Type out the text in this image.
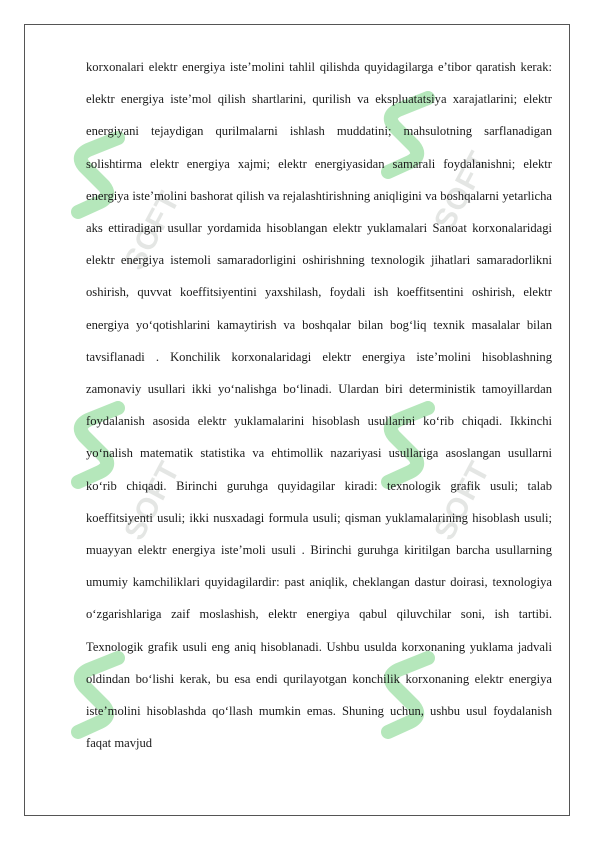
SOFT	SOFT
SOFT	SOFT

korxonalari elektr energiya iste’molini tahlil qilishda quyidagilarga e’tibor qaratish kerak: elektr energiya iste’mol qilish shartlarini, qurilish va ekspluatatsiya xarajatlarini; elektr energiyani tejaydigan qurilmalarni ishlash muddatini; mahsulotning sarflanadigan solishtirma elektr energiya xajmi; elektr energiyasidan samarali foydalanishni; elektr energiya iste’molini bashorat qilish va rejalashtirishning aniqligini va boshqalarni yetarlicha aks ettiradigan usullar yordamida hisoblangan elektr yuklamalari Sanoat korxonalaridagi elektr energiya istemoli samaradorligini oshirishning texnologik jihatlari samaradorlikni oshirish, quvvat koeffitsiyentini yaxshilash, foydali ish koeffitsentini oshirish, elektr energiya yo‘qotishlarini kamaytirish va boshqalar bilan bog‘liq texnik masalalar bilan tavsiflanadi . Konchilik korxonalaridagi elektr energiya iste’molini hisoblashning zamonaviy usullari ikki yo‘nalishga bo‘linadi. Ulardan biri deterministik tamoyillardan foydalanish asosida elektr yuklamalarini hisoblash usullarini ko‘rib chiqadi. Ikkinchi yo‘nalish matematik statistika va ehtimollik nazariyasi usullariga asoslangan usullarni ko‘rib chiqadi. Birinchi guruhga quyidagilar kiradi: texnologik grafik usuli; talab koeffitsiyenti usuli; ikki nusxadagi formula usuli; qisman yuklamalarining hisoblash usuli; muayyan elektr energiya iste’moli usuli . Birinchi guruhga kiritilgan barcha usullarning umumiy kamchiliklari quyidagilardir: past aniqlik, cheklangan dastur doirasi, texnologiya o‘zgarishlariga zaif moslashish, elektr energiya qabul qiluvchilar soni, ish tartibi. Texnologik grafik usuli eng aniq hisoblanadi. Ushbu usulda korxonaning yuklama jadvali oldindan bo‘lishi kerak, bu esa endi qurilayotgan konchilik korxonaning elektr energiya iste’molini hisoblashda qo‘llash mumkin emas. Shuning uchun, ushbu usul foydalanish faqat mavjud
